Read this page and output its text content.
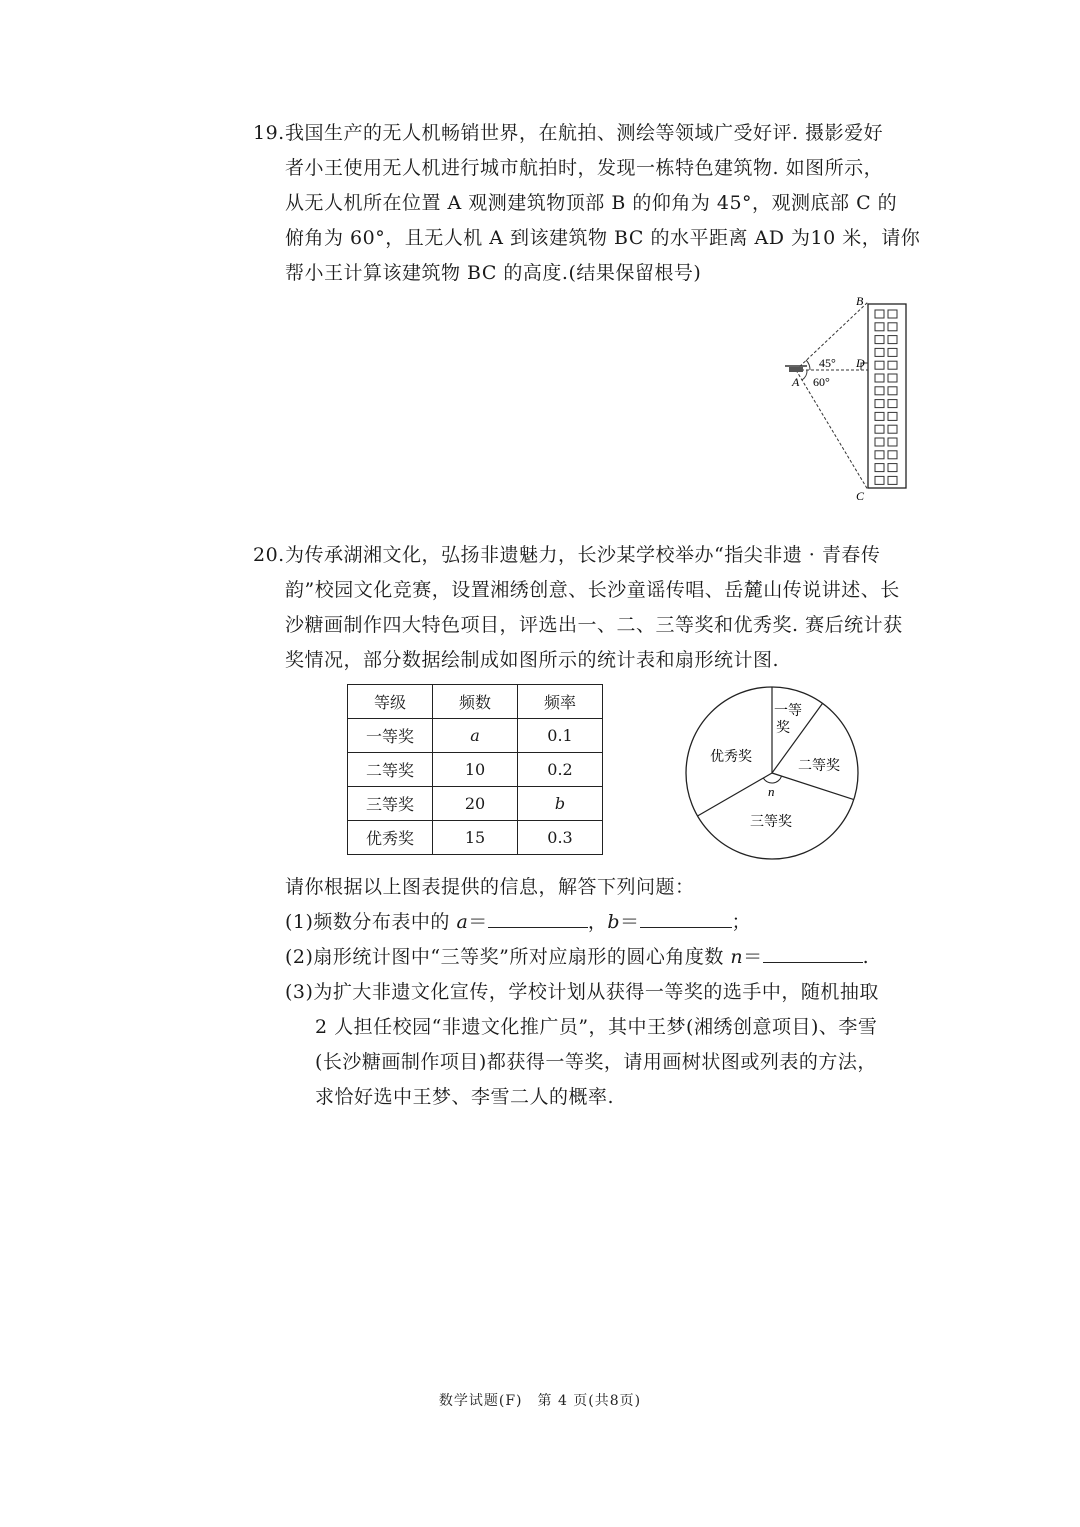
19.我国生产的无人机畅销世界，在航拍、测绘等领域广受好评. 摄影爱好
者小王使用无人机进行城市航拍时，发现一栋特色建筑物. 如图所示，
从无人机所在位置 A 观测建筑物顶部 B 的仰角为 45°，观测底部 C 的
俯角为 60°，且无人机 A 到该建筑物 BC 的水平距离 AD 为10 米，请你
帮小王计算该建筑物 BC 的高度.(结果保留根号)
B
C
D
A
45°
60°
20.为传承湖湘文化，弘扬非遗魅力，长沙某学校举办“指尖非遗 · 青春传
韵”校园文化竞赛，设置湘绣创意、长沙童谣传唱、岳麓山传说讲述、长
沙糖画制作四大特色项目，评选出一、二、三等奖和优秀奖. 赛后统计获
奖情况，部分数据绘制成如图所示的统计表和扇形统计图.
等级	频数	频率
一等奖	a	0.1
二等奖	10	0.2
三等奖	20	b
优秀奖	15	0.3
一等
奖
二等奖
三等奖
优秀奖
n
请你根据以上图表提供的信息，解答下列问题：
(1)频数分布表中的 a＝	，b＝	；
(2)扇形统计图中“三等奖”所对应扇形的圆心角度数 n＝	.
(3)为扩大非遗文化宣传，学校计划从获得一等奖的选手中，随机抽取
2 人担任校园“非遗文化推广员”，其中王梦(湘绣创意项目)、李雪
(长沙糖画制作项目)都获得一等奖，请用画树状图或列表的方法，
求恰好选中王梦、李雪二人的概率.
数学试题(F)　第 4 页(共8页)
